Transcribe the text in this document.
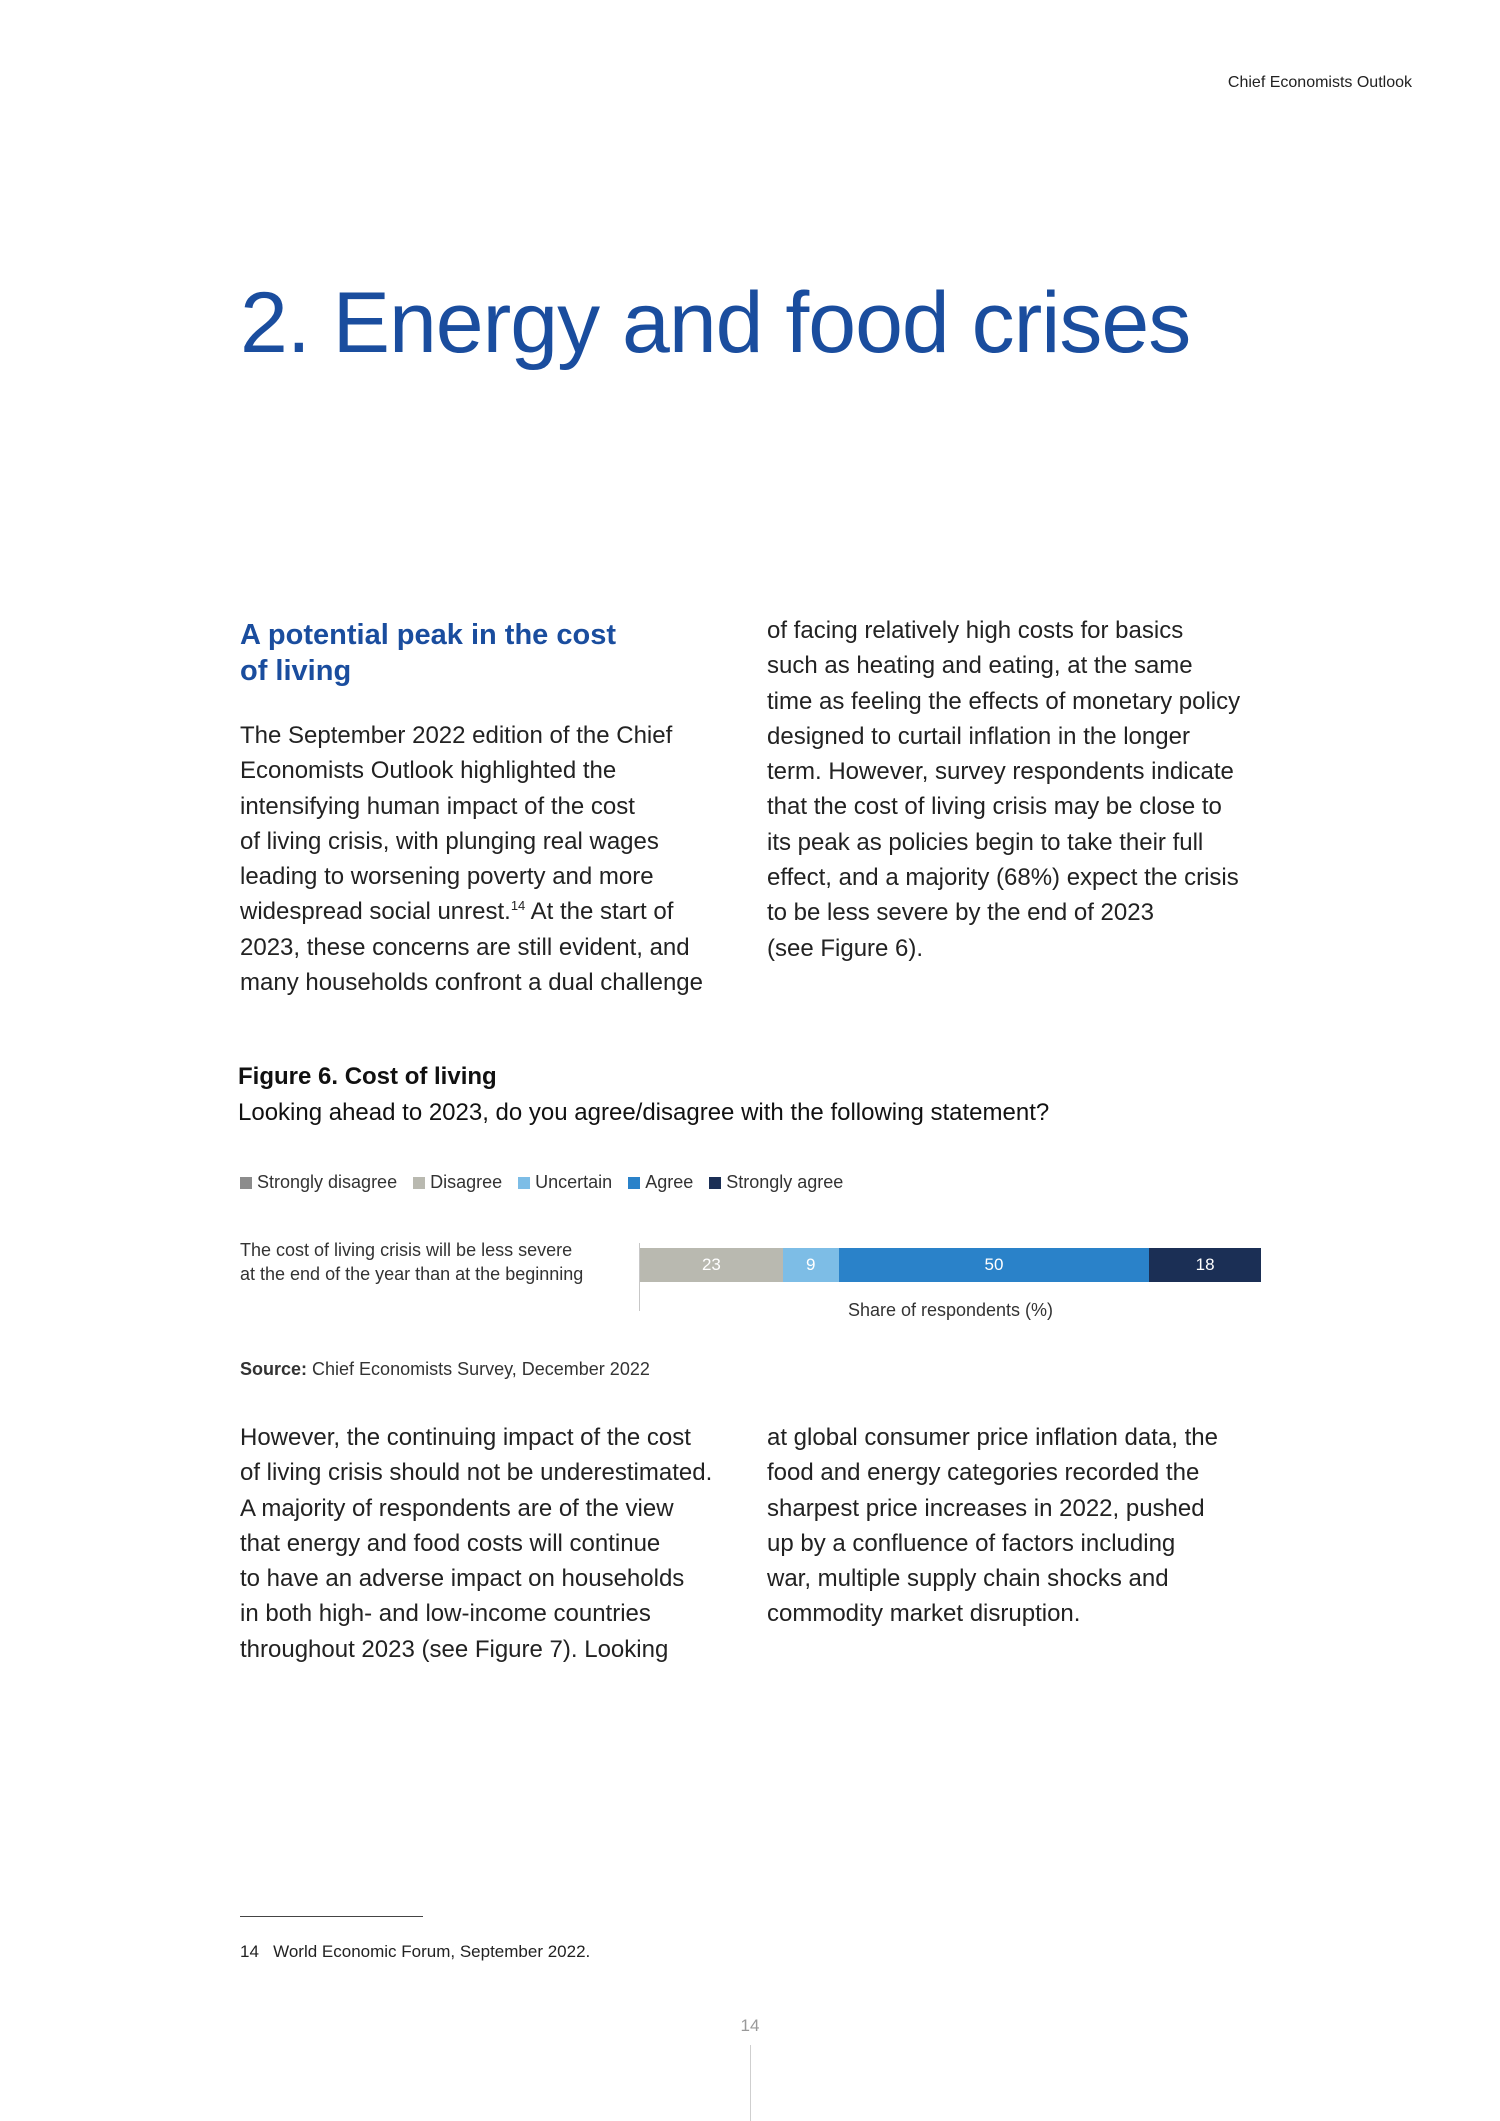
Chief Economists Outlook
2. Energy and food crises
A potential peak in the cost
of living

The September 2022 edition of the Chief
Economists Outlook highlighted the
intensifying human impact of the cost
of living crisis, with plunging real wages
leading to worsening poverty and more
widespread social unrest.$^{14}$ At the start of
2023, these concerns are still evident, and
many households confront a dual challenge

of facing relatively high costs for basics
such as heating and eating, at the same
time as feeling the effects of monetary policy
designed to curtail inflation in the longer
term. However, survey respondents indicate
that the cost of living crisis may be close to
its peak as policies begin to take their full
effect, and a majority (68%) expect the crisis
to be less severe by the end of 2023
(see Figure 6).

Figure 6. Cost of living
Looking ahead to 2023, do you agree/disagree with the following statement?
Strongly disagree Disagree Uncertain Agree Strongly agree
The cost of living crisis will be less severe
at the end of the year than at the beginning	23	9	50	18
Share of respondents (%)
Source: Chief Economists Survey, December 2022

However, the continuing impact of the cost
of living crisis should not be underestimated.
A majority of respondents are of the view
that energy and food costs will continue
to have an adverse impact on households
in both high- and low-income countries
throughout 2023 (see Figure 7). Looking

at global consumer price inflation data, the
food and energy categories recorded the
sharpest price increases in 2022, pushed
up by a confluence of factors including
war, multiple supply chain shocks and
commodity market disruption.

14 World Economic Forum, September 2022.
14
